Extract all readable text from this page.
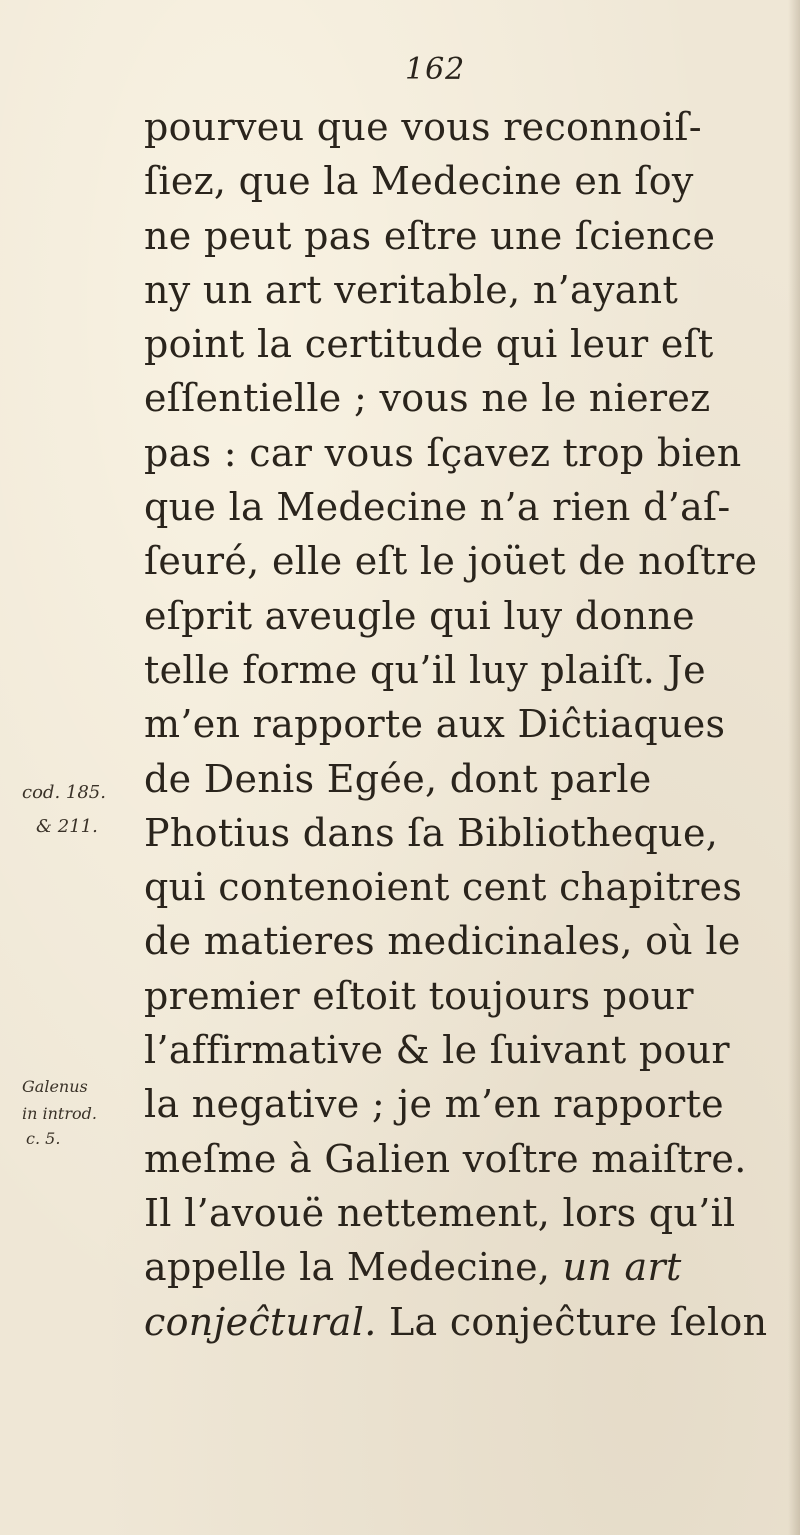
162
pourveu que vous reconnoiſ-
ſiez, que la Medecine en ſoy
ne peut pas eſtre une ſcience
ny un art veritable, n’ayant
point la certitude qui leur eſt
eſſentielle ; vous ne le nierez
pas : car vous ſçavez trop bien
que la Medecine n’a rien d’aſ-
ſeuré, elle eſt le joüet de noſtre
eſprit aveugle qui luy donne
telle forme qu’il luy plaiſt. Je
m’en rapporte aux Diĉtiaques
de Denis Egée, dont parle
Photius dans ſa Bibliotheque,
qui contenoient cent chapitres
de matieres medicinales, où le
premier eſtoit toujours pour
l’affirmative & le ſuivant pour
la negative ; je m’en rapporte
meſme à Galien voſtre maiſtre.
Il l’avouë nettement, lors qu’il
appelle la Medecine, un art
conjeĉtural. La conjeĉture ſelon
cod. 185.
& 211.
Galenus
in introd.
c. 5.
